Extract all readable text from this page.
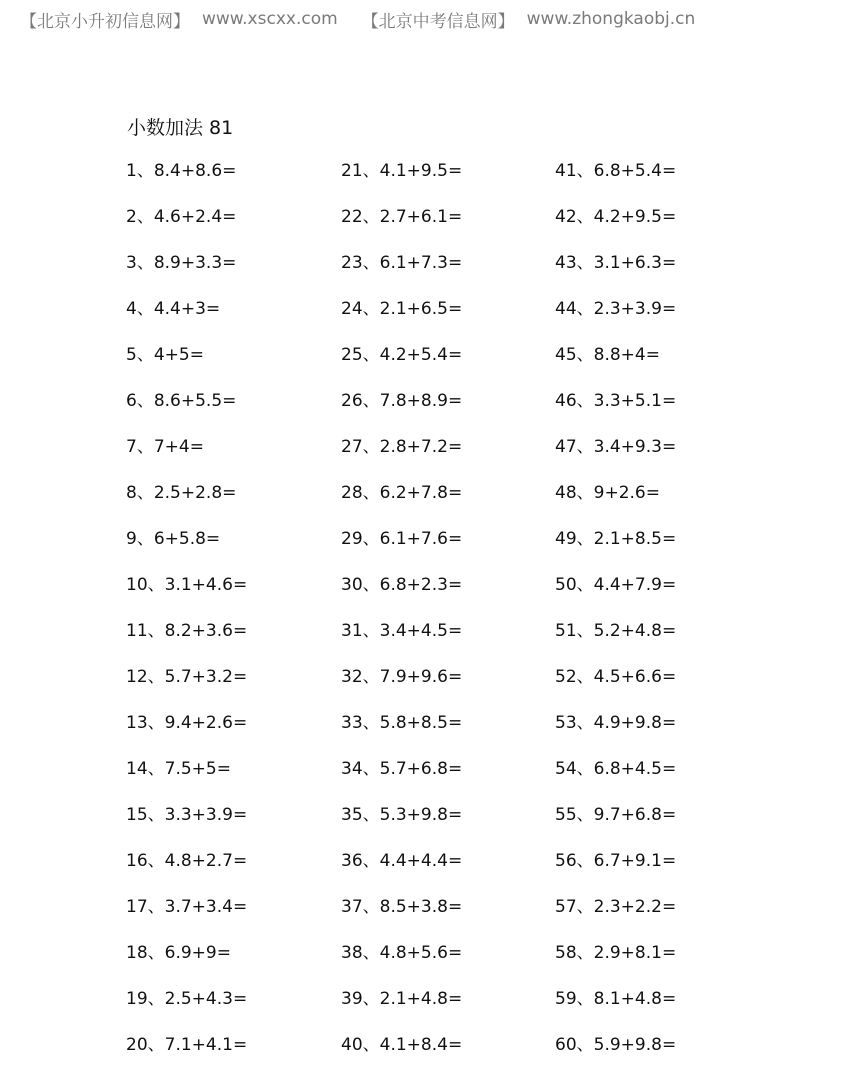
【北京小升初信息网】 www.xscxx.com 【北京中考信息网】 www.zhongkaobj.cn
小数加法 81
1、8.4+8.6=
2、4.6+2.4=
3、8.9+3.3=
4、4.4+3=
5、4+5=
6、8.6+5.5=
7、7+4=
8、2.5+2.8=
9、6+5.8=
10、3.1+4.6=
11、8.2+3.6=
12、5.7+3.2=
13、9.4+2.6=
14、7.5+5=
15、3.3+3.9=
16、4.8+2.7=
17、3.7+3.4=
18、6.9+9=
19、2.5+4.3=
20、7.1+4.1=
21、4.1+9.5=
22、2.7+6.1=
23、6.1+7.3=
24、2.1+6.5=
25、4.2+5.4=
26、7.8+8.9=
27、2.8+7.2=
28、6.2+7.8=
29、6.1+7.6=
30、6.8+2.3=
31、3.4+4.5=
32、7.9+9.6=
33、5.8+8.5=
34、5.7+6.8=
35、5.3+9.8=
36、4.4+4.4=
37、8.5+3.8=
38、4.8+5.6=
39、2.1+4.8=
40、4.1+8.4=
41、6.8+5.4=
42、4.2+9.5=
43、3.1+6.3=
44、2.3+3.9=
45、8.8+4=
46、3.3+5.1=
47、3.4+9.3=
48、9+2.6=
49、2.1+8.5=
50、4.4+7.9=
51、5.2+4.8=
52、4.5+6.6=
53、4.9+9.8=
54、6.8+4.5=
55、9.7+6.8=
56、6.7+9.1=
57、2.3+2.2=
58、2.9+8.1=
59、8.1+4.8=
60、5.9+9.8=
